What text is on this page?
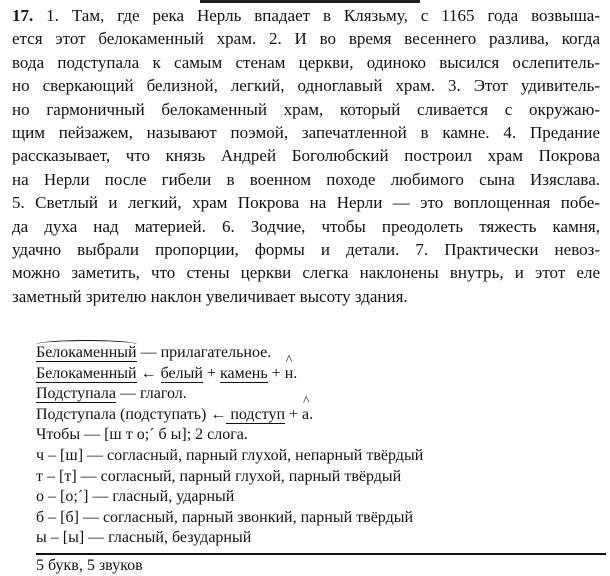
17. 1. Там, где река Нерль впадает в Клязьму, с 1165 года возвыша-
ется этот белокаменный храм. 2. И во время весеннего разлива, когда
вода подступала к самым стенам церкви, одиноко высился ослепитель-
но сверкающий белизной, легкий, одноглавый храм. 3. Этот удивитель-
но гармоничный белокаменный храм, который сливается с окружаю-
щим пейзажем, называют поэмой, запечатленной в камне. 4. Предание
рассказывает, что князь Андрей Боголюбский построил храм Покрова
на Нерли после гибели в военном походе любимого сына Изяслава.
5. Светлый и легкий, храм Покрова на Нерли — это воплощенная побе-
да духа над материей. 6. Зодчие, чтобы преодолеть тяжесть камня,
удачно выбрали пропорции, формы и детали. 7. Практически невоз-
можно заметить, что стены церкви слегка наклонены внутрь, и этот еле
заметный зрителю наклон увеличивает высоту здания.
Белокаменный — прилагательное.
Белокаменный ← белый + камень + ^ н.
Подступала — глагол.
Подступала (подступать) ← подступ + ^ а.
Чтобы — [ш т о;ˊ б ы]; 2 слога.
ч – [ш] — согласный, парный глухой, непарный твёрдый
т – [т] — согласный, парный глухой, парный твёрдый
о – [о;ˊ] — гласный, ударный
б – [б] — согласный, парный звонкий, парный твёрдый
ы – [ы] — гласный, безударный
5 букв, 5 звуков
